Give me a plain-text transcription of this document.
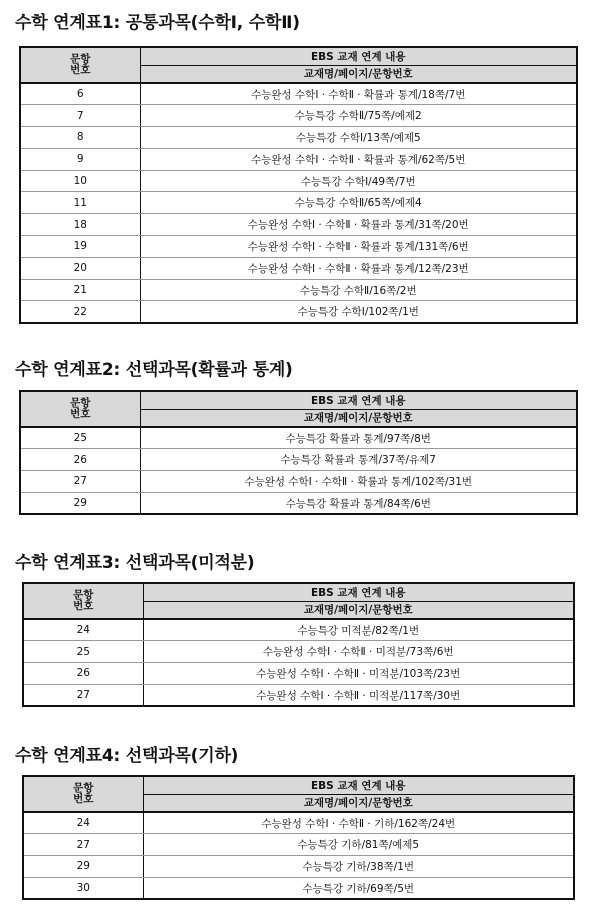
수학 연계표1: 공통과목(수학Ⅰ, 수학Ⅱ)
문항
번호	EBS 교재 연계 내용
	교재명/페이지/문항번호
6	수능완성 수학Ⅰ · 수학Ⅱ · 확률과 통계/18쪽/7번
7	수능특강 수학Ⅱ/75쪽/예제2
8	수능특강 수학Ⅰ/13쪽/예제5
9	수능완성 수학Ⅰ · 수학Ⅱ · 확률과 통계/62쪽/5번
10	수능특강 수학Ⅰ/49쪽/7번
11	수능특강 수학Ⅱ/65쪽/예제4
18	수능완성 수학Ⅰ · 수학Ⅱ · 확률과 통계/31쪽/20번
19	수능완성 수학Ⅰ · 수학Ⅱ · 확률과 통계/131쪽/6번
20	수능완성 수학Ⅰ · 수학Ⅱ · 확률과 통계/12쪽/23번
21	수능특강 수학Ⅱ/16쪽/2번
22	수능특강 수학Ⅰ/102쪽/1번
수학 연계표2: 선택과목(확률과 통계)
문항
번호	EBS 교재 연계 내용
	교재명/페이지/문항번호
25	수능특강 확률과 통계/97쪽/8번
26	수능특강 확률과 통계/37쪽/유제7
27	수능완성 수학Ⅰ · 수학Ⅱ · 확률과 통계/102쪽/31번
29	수능특강 확률과 통계/84쪽/6번
수학 연계표3: 선택과목(미적분)
문항
번호	EBS 교재 연계 내용
	교재명/페이지/문항번호
24	수능특강 미적분/82쪽/1번
25	수능완성 수학Ⅰ · 수학Ⅱ · 미적분/73쪽/6번
26	수능완성 수학Ⅰ · 수학Ⅱ · 미적분/103쪽/23번
27	수능완성 수학Ⅰ · 수학Ⅱ · 미적분/117쪽/30번
수학 연계표4: 선택과목(기하)
문항
번호	EBS 교재 연계 내용
	교재명/페이지/문항번호
24	수능완성 수학Ⅰ · 수학Ⅱ · 기하/162쪽/24번
27	수능특강 기하/81쪽/예제5
29	수능특강 기하/38쪽/1번
30	수능특강 기하/69쪽/5번
